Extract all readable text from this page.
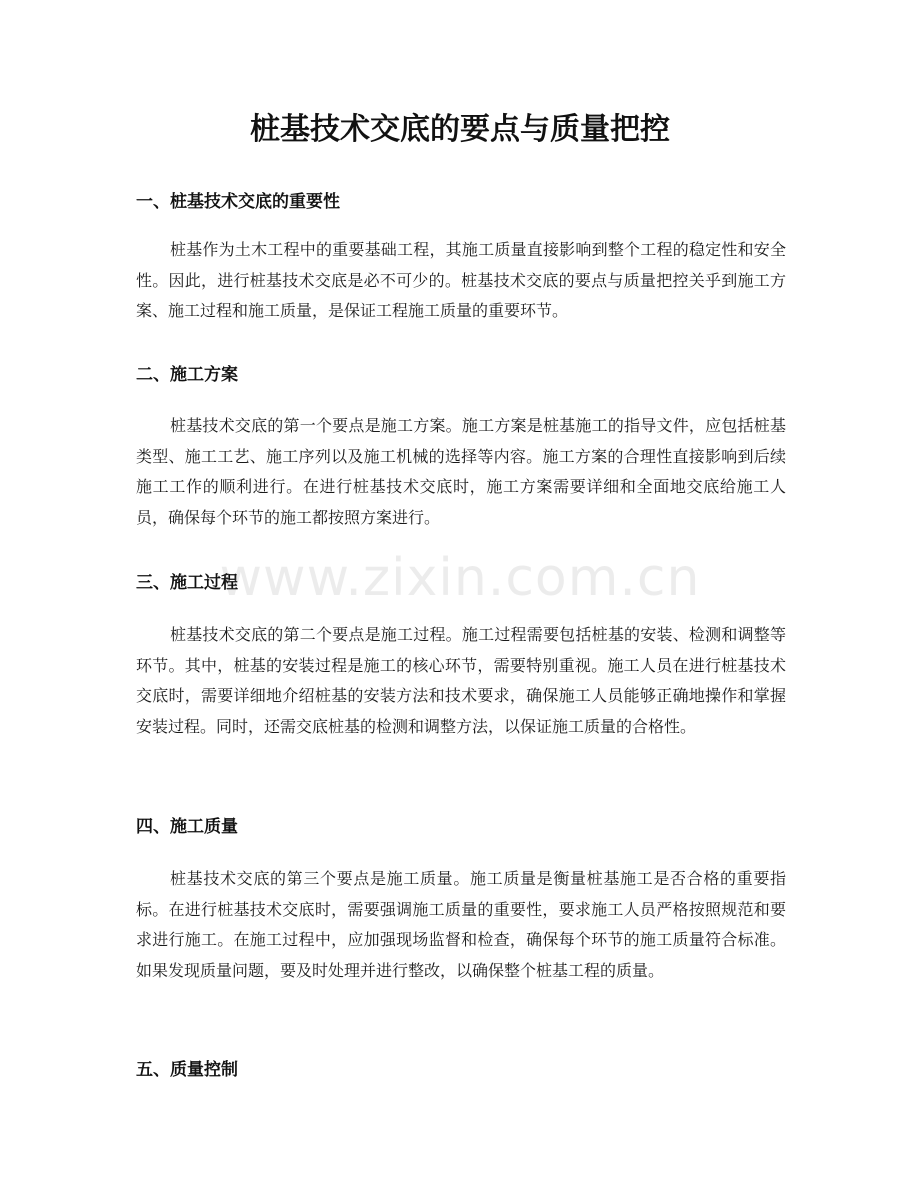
桩基技术交底的要点与质量把控
一、桩基技术交底的重要性

桩基作为土木工程中的重要基础工程，其施工质量直接影响到整个工程的稳定性和安全性。因此，进行桩基技术交底是必不可少的。桩基技术交底的要点与质量把控关乎到施工方案、施工过程和施工质量，是保证工程施工质量的重要环节。

二、施工方案

桩基技术交底的第一个要点是施工方案。施工方案是桩基施工的指导文件，应包括桩基类型、施工工艺、施工序列以及施工机械的选择等内容。施工方案的合理性直接影响到后续施工工作的顺利进行。在进行桩基技术交底时，施工方案需要详细和全面地交底给施工人员，确保每个环节的施工都按照方案进行。

三、施工过程

桩基技术交底的第二个要点是施工过程。施工过程需要包括桩基的安装、检测和调整等环节。其中，桩基的安装过程是施工的核心环节，需要特别重视。施工人员在进行桩基技术交底时，需要详细地介绍桩基的安装方法和技术要求，确保施工人员能够正确地操作和掌握安装过程。同时，还需交底桩基的检测和调整方法，以保证施工质量的合格性。

四、施工质量

桩基技术交底的第三个要点是施工质量。施工质量是衡量桩基施工是否合格的重要指标。在进行桩基技术交底时，需要强调施工质量的重要性，要求施工人员严格按照规范和要求进行施工。在施工过程中，应加强现场监督和检查，确保每个环节的施工质量符合标准。如果发现质量问题，要及时处理并进行整改，以确保整个桩基工程的质量。

五、质量控制
www.zixin.com.cn
